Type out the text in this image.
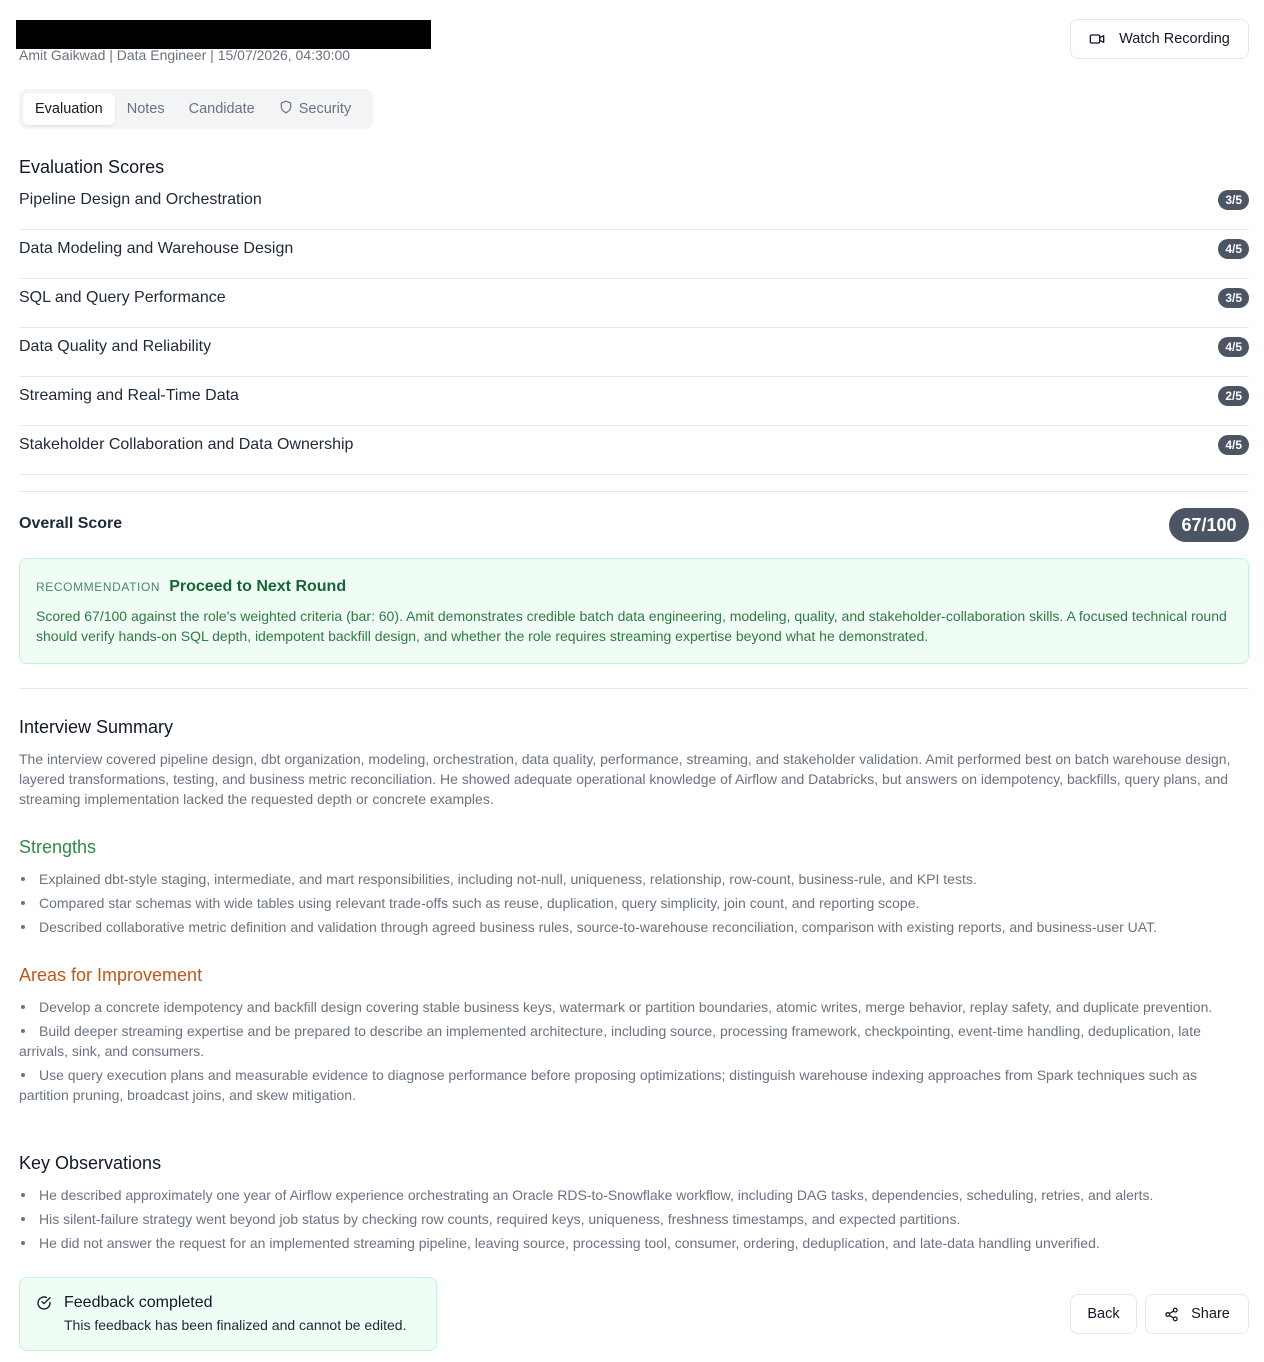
Amit Gaikwad | Data Engineer | 15/07/2026, 04:30:00
Watch Recording
Evaluation Notes Candidate	Security
Evaluation Scores
Pipeline Design and Orchestration	3/5
Data Modeling and Warehouse Design	4/5
SQL and Query Performance	3/5
Data Quality and Reliability	4/5
Streaming and Real-Time Data	2/5
Stakeholder Collaboration and Data Ownership	4/5
Overall Score	67/100
RECOMMENDATION Proceed to Next Round
Scored 67/100 against the role's weighted criteria (bar: 60). Amit demonstrates credible batch data engineering, modeling, quality, and stakeholder-collaboration skills. A focused technical round should verify hands-on SQL depth, idempotent backfill design, and whether the role requires streaming expertise beyond what he demonstrated.
Interview Summary
The interview covered pipeline design, dbt organization, modeling, orchestration, data quality, performance, streaming, and stakeholder validation. Amit performed best on batch warehouse design, layered transformations, testing, and business metric reconciliation. He showed adequate operational knowledge of Airflow and Databricks, but answers on idempotency, backfills, query plans, and streaming implementation lacked the requested depth or concrete examples.
Strengths
Explained dbt-style staging, intermediate, and mart responsibilities, including not-null, uniqueness, relationship, row-count, business-rule, and KPI tests.
Compared star schemas with wide tables using relevant trade-offs such as reuse, duplication, query simplicity, join count, and reporting scope.
Described collaborative metric definition and validation through agreed business rules, source-to-warehouse reconciliation, comparison with existing reports, and business-user UAT.
Areas for Improvement
Develop a concrete idempotency and backfill design covering stable business keys, watermark or partition boundaries, atomic writes, merge behavior, replay safety, and duplicate prevention.
Build deeper streaming expertise and be prepared to describe an implemented architecture, including source, processing framework, checkpointing, event-time handling, deduplication, late arrivals, sink, and consumers.
Use query execution plans and measurable evidence to diagnose performance before proposing optimizations; distinguish warehouse indexing approaches from Spark techniques such as partition pruning, broadcast joins, and skew mitigation.
Key Observations
He described approximately one year of Airflow experience orchestrating an Oracle RDS-to-Snowflake workflow, including DAG tasks, dependencies, scheduling, retries, and alerts.
His silent-failure strategy went beyond job status by checking row counts, required keys, uniqueness, freshness timestamps, and expected partitions.
He did not answer the request for an implemented streaming pipeline, leaving source, processing tool, consumer, ordering, deduplication, and late-data handling unverified.
Feedback completed
This feedback has been finalized and cannot be edited.
Back	Share
